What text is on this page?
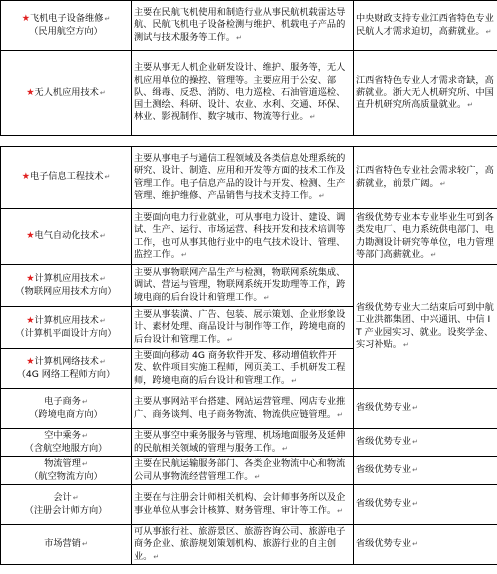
★飞机电子设备维修↵
（民用航空方向）	主要在民航飞机使用和制造行业从事民航机载雷达导航、民航飞机电子设备检测与维护、机载电子产品的测试与技术服务等工作。↵	中央财政支持专业江西省特色专业民航人才需求迫切，高薪就业。↵

★无人机应用技术↵	主要从事无人机企业研发设计、维护、服务等，无人机应用单位的操控、管理等。主要应用于公安、部队、缉毒、反恐、消防、电力巡检、石油管道巡检、国土测绘、科研、设计、农业、水利、交通、环保、林业、影视制作、数字城市、物流等行业。↵	江西省特色专业人才需求奇缺，高薪就业。浙大无人机研究所、中国直升机研究所高质量就业。↵
★电子信息工程技术↵	主要从事电子与通信工程领域及各类信息处理系统的研究、设计、制造、应用和开发等方面的技术工作及管理工作。电子信息产品的设计与开发、检测、生产管理、维护维修、产品销售与技术支持工作。↵	江西省特色专业社会需求较广，高薪就业，前景广阔。↵

★电气自动化技术↵	主要面向电力行业就业，可从事电力设计、建设、调试、生产、运行、市场运营、科技开发和技术培训等工作，也可从事其他行业中的电气技术设计、管理、监控工作。↵	省级优势专业本专业毕业生可到各类发电厂、电力系统供电部门、电力勘测设计研究等单位，电力管理等部门高薪就业。↵

★计算机应用技术↵
（物联网应用技术方向）	主要从事物联网产品生产与检测，物联网系统集成、调试、营运与管理，物联网系统开发助理等工作，跨境电商的后台设计和管理工作。↵	省级优势专业大二结束后可到中航工业洪都集团、中兴通讯、中信 IT 产业园实习、就业。设奖学金、实习补贴。↵

★计算机应用技术↵
（计算机平面设计方向）	主要从事装潢、广告、包装、展示策划、企业形象设计、素材处理、商品设计与制作等工作，跨境电商的后台设计和管理工作。↵	

★计算机网络技术↵
（4G 网络工程师方向）	主要面向移动 4G 商务软件开发、移动增值软件开发、软件项目实施工程师，网页美工、手机研发工程师，跨境电商的后台设计和管理工作。↵	

电子商务↵
（跨境电商方向）	主要从事网站平台搭建、网站运营管理、网店专业推广、商务谈判、电子商务物流、物流供应链管理。↵	省级优势专业↵

空中乘务↵
（含航空地服方向）	主要从事空中乘务服务与管理、机场地面服务及延伸的民航相关领域的管理与服务工作。↵	省级优势专业↵

物流管理↵
（航空物流方向）	主要在民航运输服务部门、各类企业物流中心和物流公司从事物流经营管理工作。↵	省级优势专业↵

会计↵
（注册会计师方向）	主要在与注册会计师相关机构、会计师事务所以及企事业单位从事会计核算、财务管理、审计等工作。↵	省级优势专业↵

市场营销↵	可从事旅行社、旅游景区、旅游咨询公司、旅游电子商务企业、旅游规划策划机构、旅游行业的自主创业。↵	省级优势专业↵
